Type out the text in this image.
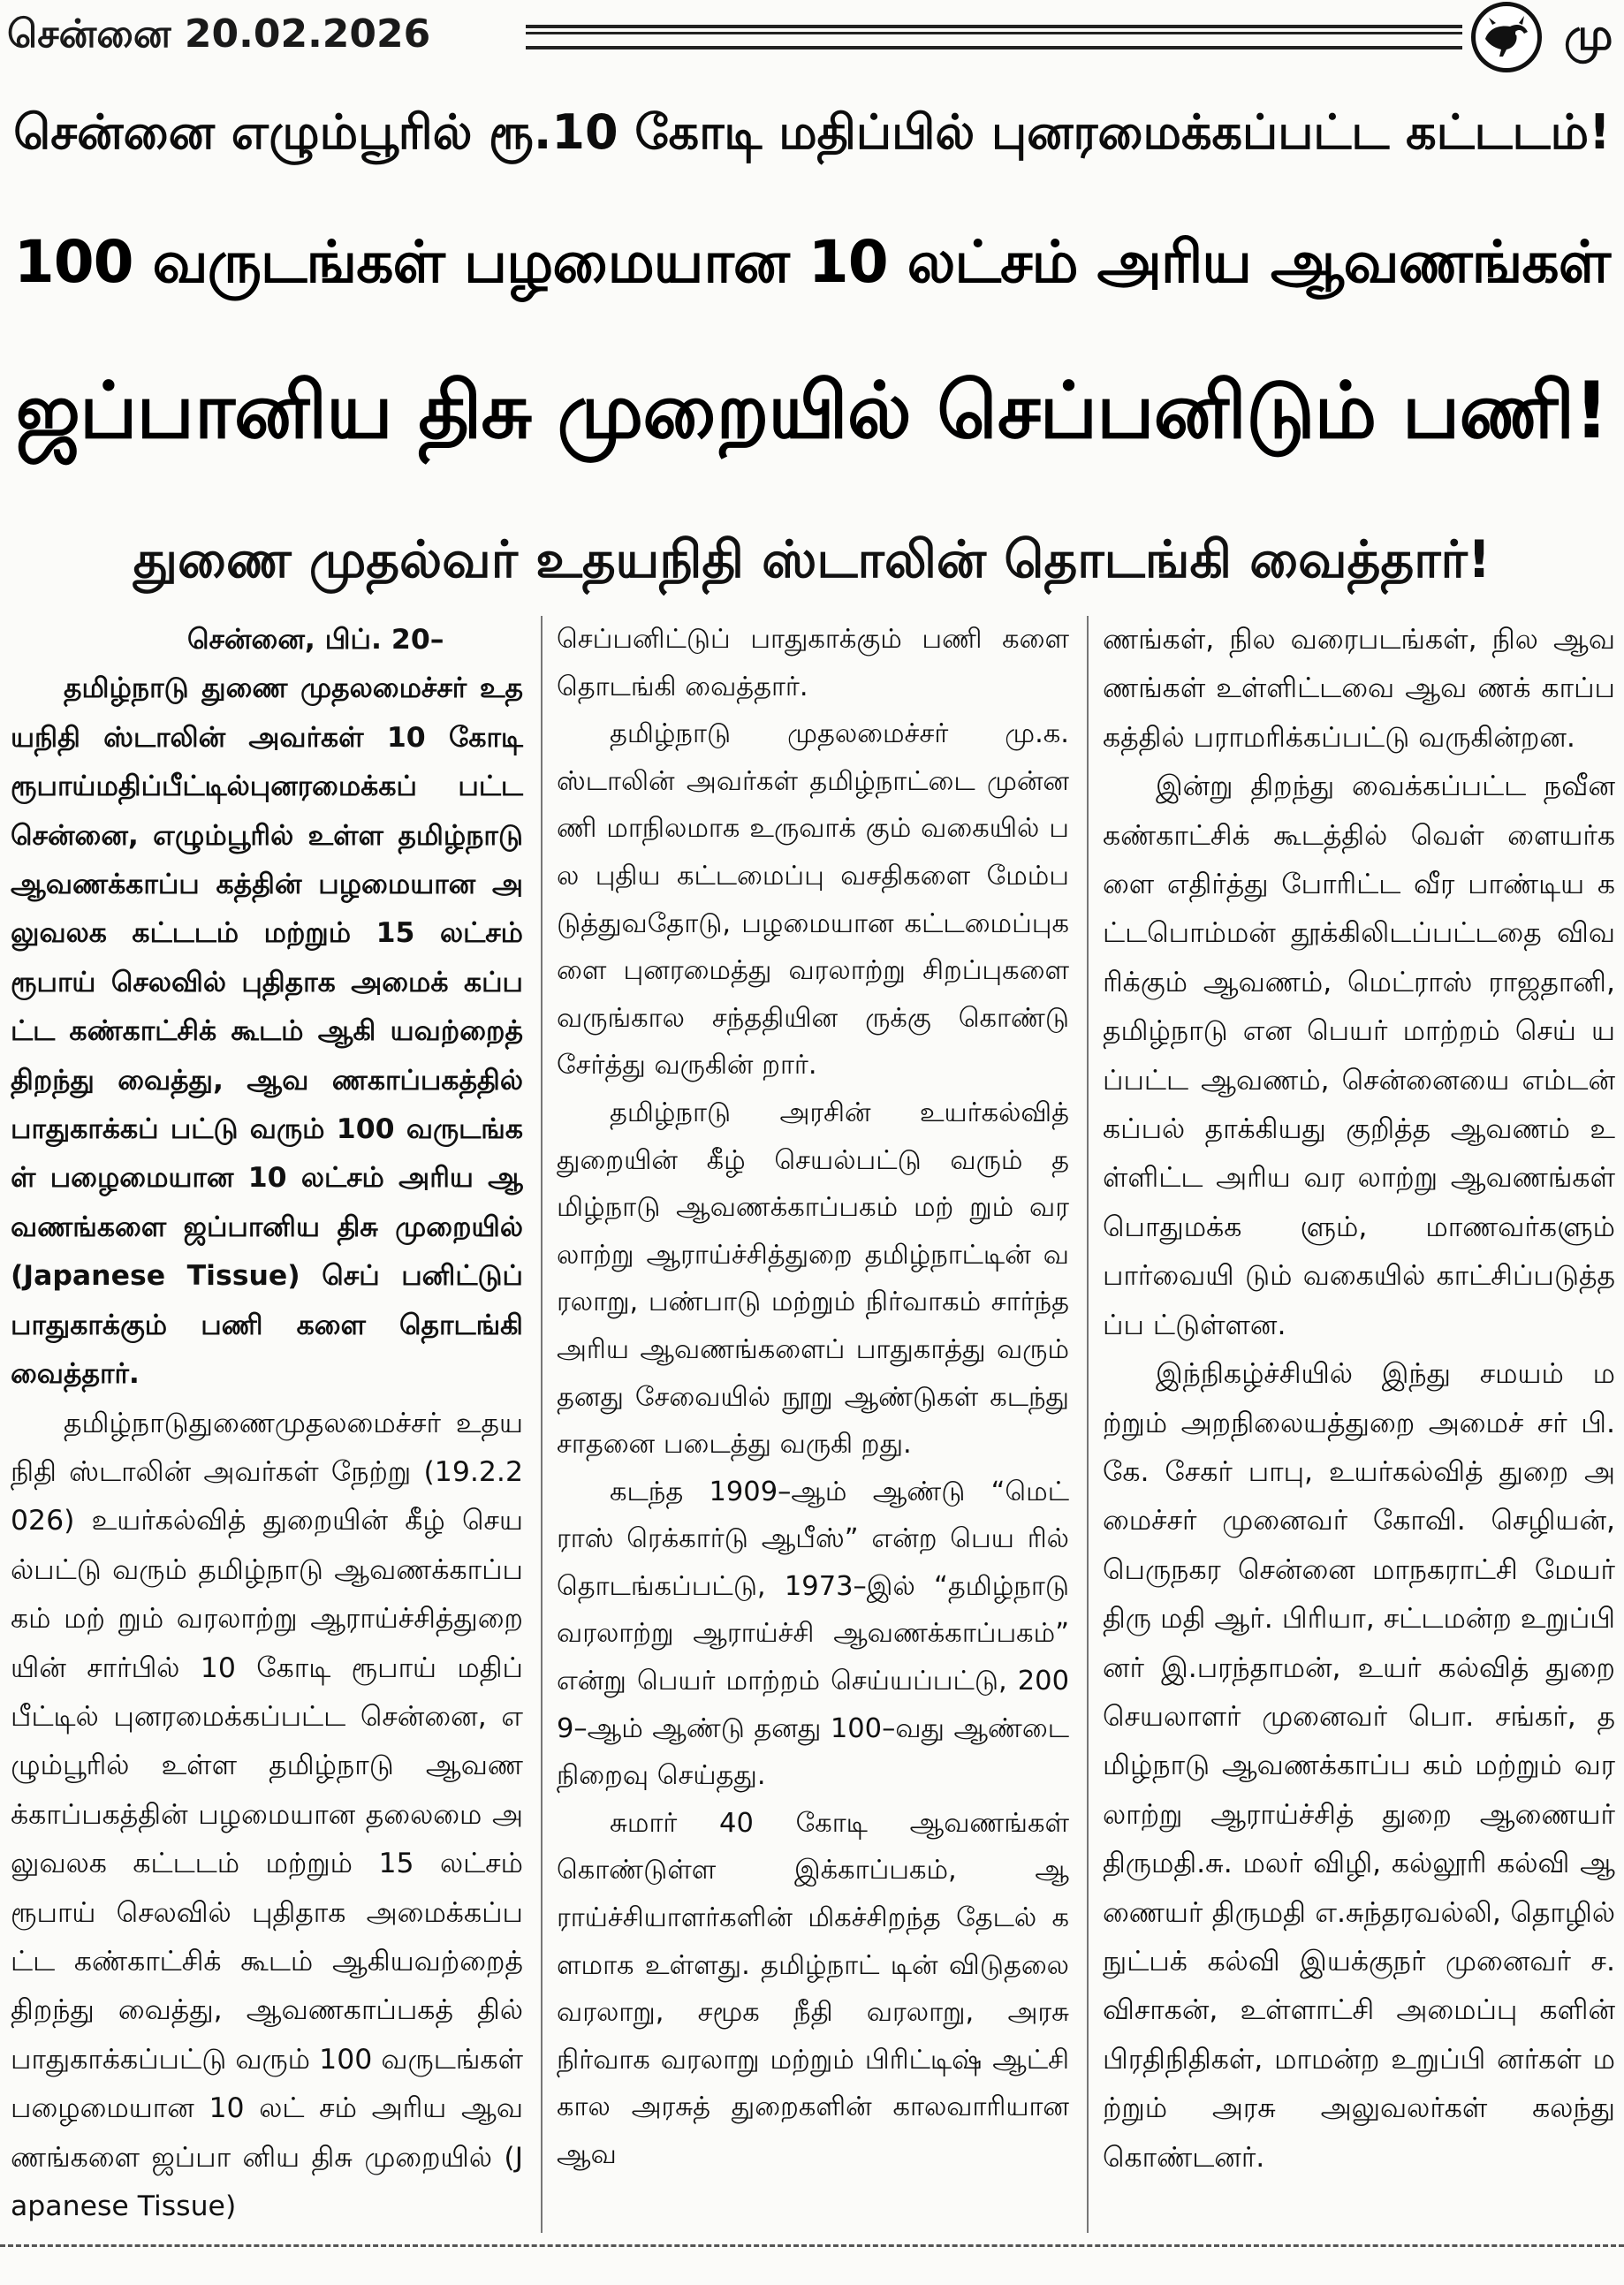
சென்னை 20.02.2026	மு
சென்னை எழும்பூரில் ரூ.10 கோடி மதிப்பில் புனரமைக்கப்பட்ட கட்டடம்!
100 வருடங்கள் பழமையான 10 லட்சம் அரிய ஆவணங்கள்
ஜப்பானிய திசு முறையில் செப்பனிடும் பணி!
துணை முதல்வர் உதயநிதி ஸ்டாலின் தொடங்கி வைத்தார்!
சென்னை, பிப். 20–

தமிழ்நாடு துணை முதலமைச்சர் உதயநிதி ஸ்டாலின் அவர்கள் 10 கோடி ரூபாய்மதிப்பீட்டில்புனரமைக்கப் பட்ட சென்னை, எழும்பூரில் உள்ள தமிழ்நாடு ஆவணக்காப்ப கத்தின் பழமையான அலுவலக கட்டடம் மற்றும் 15 லட்சம் ரூபாய் செலவில் புதிதாக அமைக் கப்பட்ட கண்காட்சிக் கூடம் ஆகி யவற்றைத் திறந்து வைத்து, ஆவ ணகாப்பகத்தில் பாதுகாக்கப் பட்டு வரும் 100 வருடங்கள் பழைமையான 10 லட்சம் அரிய ஆவணங்களை ஜப்பானிய திசு முறையில் (Japanese Tissue) செப் பனிட்டுப் பாதுகாக்கும் பணி களை தொடங்கி வைத்தார்.

தமிழ்நாடுதுணைமுதலமைச்சர் உதயநிதி ஸ்டாலின் அவர்கள் நேற்று (19.2.2026) உயர்கல்வித் துறையின் கீழ் செயல்பட்டு வரும் தமிழ்நாடு ஆவணக்காப்பகம் மற் றும் வரலாற்று ஆராய்ச்சித்துறை யின் சார்பில் 10 கோடி ரூபாய் மதிப் பீட்டில் புனரமைக்கப்பட்ட சென்னை, எழும்பூரில் உள்ள தமிழ்நாடு ஆவணக்காப்பகத்தின் பழமையான தலைமை அலுவலக கட்டடம் மற்றும் 15 லட்சம் ரூபாய் செலவில் புதிதாக அமைக்கப்பட்ட கண்காட்சிக் கூடம் ஆகியவற்றைத் திறந்து வைத்து, ஆவணகாப்பகத் தில் பாதுகாக்கப்பட்டு வரும் 100 வருடங்கள் பழைமையான 10 லட் சம் அரிய ஆவணங்களை ஜப்பா னிய திசு முறையில் (Japanese Tissue)

செப்பனிட்டுப் பாதுகாக்கும் பணி களை தொடங்கி வைத்தார்.

தமிழ்நாடு முதலமைச்சர் மு.க. ஸ்டாலின் அவர்கள் தமிழ்நாட்டை முன்னணி மாநிலமாக உருவாக் கும் வகையில் பல புதிய கட்டமைப்பு வசதிகளை மேம்படுத்துவதோடு, பழமையான கட்டமைப்புகளை புனரமைத்து வரலாற்று சிறப்புகளை வருங்கால சந்ததியின ருக்கு கொண்டு சேர்த்து வருகின் றார்.

தமிழ்நாடு அரசின் உயர்கல்வித் துறையின் கீழ் செயல்பட்டு வரும் தமிழ்நாடு ஆவணக்காப்பகம் மற் றும் வரலாற்று ஆராய்ச்சித்துறை தமிழ்நாட்டின் வரலாறு, பண்பாடு மற்றும் நிர்வாகம் சார்ந்த அரிய ஆவணங்களைப் பாதுகாத்து வரும் தனது சேவையில் நூறு ஆண்டுகள் கடந்து சாதனை படைத்து வருகி றது.

கடந்த 1909–ஆம் ஆண்டு “மெட் ராஸ் ரெக்கார்டு ஆபீஸ்” என்ற பெய ரில் தொடங்கப்பட்டு, 1973–இல் “தமிழ்நாடு வரலாற்று ஆராய்ச்சி ஆவணக்காப்பகம்” என்று பெயர் மாற்றம் செய்யப்பட்டு, 2009–ஆம் ஆண்டு தனது 100–வது ஆண்டை நிறைவு செய்தது.

சுமார் 40 கோடி ஆவணங்கள் கொண்டுள்ள இக்காப்பகம், ஆராய்ச்சியாளர்களின் மிகச்சிறந்த தேடல் களமாக உள்ளது. தமிழ்நாட் டின் விடுதலை வரலாறு, சமூக நீதி வரலாறு, அரசு நிர்வாக வரலாறு மற்றும் பிரிட்டிஷ் ஆட்சி கால அரசுத் துறைகளின் காலவாரியான ஆவ

ணங்கள், நில வரைபடங்கள், நில ஆவணங்கள் உள்ளிட்டவை ஆவ ணக் காப்பகத்தில் பராமரிக்கப்பட்டு வருகின்றன.

இன்று திறந்து வைக்கப்பட்ட நவீன கண்காட்சிக் கூடத்தில் வெள் ளையர்களை எதிர்த்து போரிட்ட வீர பாண்டிய கட்டபொம்மன் தூக்கிலிடப்பட்டதை விவரிக்கும் ஆவணம், மெட்ராஸ் ராஜதானி, தமிழ்நாடு என பெயர் மாற்றம் செய் யப்பட்ட ஆவணம், சென்னையை எம்டன் கப்பல் தாக்கியது குறித்த ஆவணம் உள்ளிட்ட அரிய வர லாற்று ஆவணங்கள் பொதுமக்க ளும், மாணவர்களும் பார்வையி டும் வகையில் காட்சிப்படுத்தப்ப ட்டுள்ளன.

இந்நிகழ்ச்சியில் இந்து சமயம் மற்றும் அறநிலையத்துறை அமைச் சர் பி.கே. சேகர் பாபு, உயர்கல்வித் துறை அமைச்சர் முனைவர் கோவி. செழியன், பெருநகர சென்னை மாநகராட்சி மேயர் திரு மதி ஆர். பிரியா, சட்டமன்ற உறுப்பி னர் இ.பரந்தாமன், உயர் கல்வித் துறை செயலாளர் முனைவர் பொ. சங்கர், தமிழ்நாடு ஆவணக்காப்ப கம் மற்றும் வரலாற்று ஆராய்ச்சித் துறை ஆணையர் திருமதி.சு. மலர் விழி, கல்லூரி கல்வி ஆணையர் திருமதி எ.சுந்தரவல்லி, தொழில் நுட்பக் கல்வி இயக்குநர் முனைவர் ச. விசாகன், உள்ளாட்சி அமைப்பு களின் பிரதிநிதிகள், மாமன்ற உறுப்பி னர்கள் மற்றும் அரசு அலுவலர்கள் கலந்து கொண்டனர்.
